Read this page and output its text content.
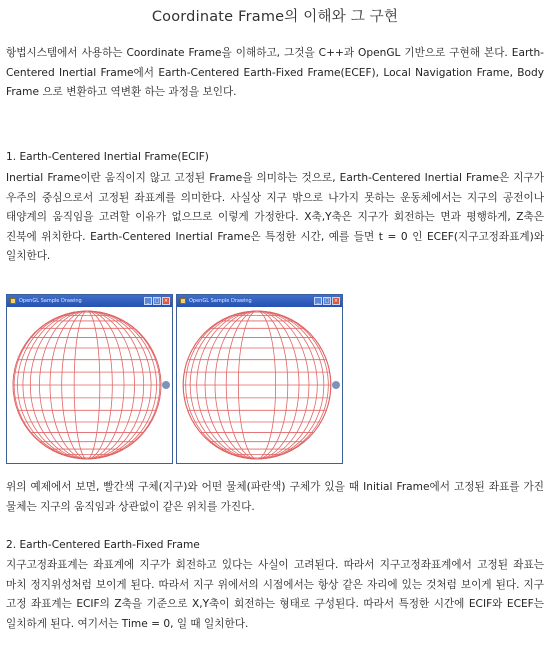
Coordinate Frame의 이해와 그 구현
항법시스템에서 사용하는 Coordinate Frame을 이해하고, 그것을 C++과 OpenGL 기반으로 구현해 본다. Earth-Centered Inertial Frame에서 Earth-Centered Earth-Fixed Frame(ECEF), Local Navigation Frame, Body Frame 으로 변환하고 역변환 하는 과정을 보인다.
1. Earth-Centered Inertial Frame(ECIF)
Inertial Frame이란 움직이지 않고 고정된 Frame을 의미하는 것으로, Earth-Centered Inertial Frame은 지구가 우주의 중심으로서 고정된 좌표계를 의미한다. 사실상 지구 밖으로 나가지 못하는 운동체에서는 지구의 공전이나 태양계의 움직임을 고려할 이유가 없으므로 이렇게 가정한다. X축,Y축은 지구가 회전하는 면과 평행하게, Z축은 진북에 위치한다. Earth-Centered Inertial Frame은 특정한 시간, 예를 들면 t = 0 인 ECEF(지구고정좌표계)와 일치한다.
OpenGL Sample Drawing	_	□ ×	OpenGL Sample Drawing	_	□ ×
위의 예제에서 보면, 빨간색 구체(지구)와 어떤 물체(파란색) 구체가 있을 때 Initial Frame에서 고정된 좌표를 가진 물체는 지구의 움직임과 상관없이 같은 위치를 가진다.
2. Earth-Centered Earth-Fixed Frame
지구고정좌표계는 좌표계에 지구가 회전하고 있다는 사실이 고려된다. 따라서 지구고정좌표계에서 고정된 좌표는 마치 정지위성처럼 보이게 된다. 따라서 지구 위에서의 시점에서는 항상 같은 자리에 있는 것처럼 보이게 된다. 지구 고정 좌표계는 ECIF의 Z축을 기준으로 X,Y축이 회전하는 형태로 구성된다. 따라서 특정한 시간에 ECIF와 ECEF는 일치하게 된다. 여기서는 Time = 0, 일 때 일치한다.
